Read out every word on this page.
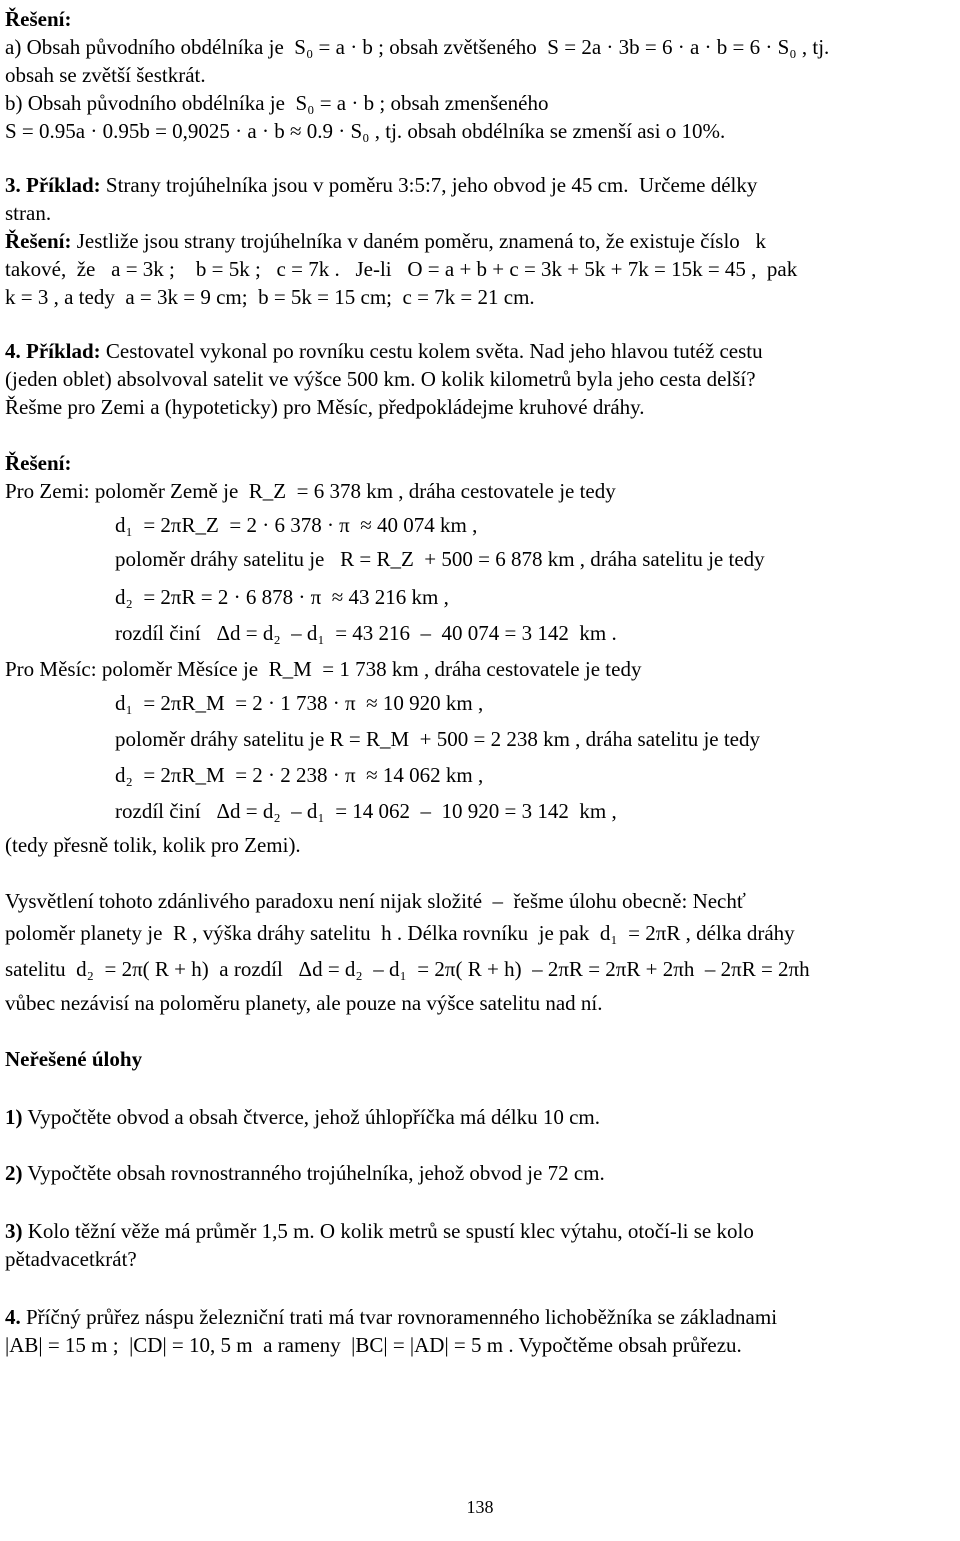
Řešení:
a) Obsah původního obdélníka je  S₀ = a · b ; obsah zvětšeného  S = 2a · 3b = 6 · a · b = 6 · S₀ , tj.
obsah se zvětší šestkrát.
b) Obsah původního obdélníka je  S₀ = a · b ; obsah zmenšeného
S = 0.95a · 0.95b = 0,9025 · a · b ≈ 0.9 · S₀ , tj. obsah obdélníka se zmenší asi o 10%.
3. Příklad: Strany trojúhelníka jsou v poměru 3:5:7, jeho obvod je 45 cm.  Určeme délky
stran.
Řešení: Jestliže jsou strany trojúhelníka v daném poměru, znamená to, že existuje číslo   k
takové,  že   a = 3k ;    b = 5k ;   c = 7k .   Je-li   O = a + b + c = 3k + 5k + 7k = 15k = 45 ,  pak
k = 3 , a tedy  a = 3k = 9 cm;  b = 5k = 15 cm;  c = 7k = 21 cm.
4. Příklad: Cestovatel vykonal po rovníku cestu kolem světa. Nad jeho hlavou tutéž cestu
(jeden oblet) absolvoval satelit ve výšce 500 km. O kolik kilometrů byla jeho cesta delší?
Řešme pro Zemi a (hypoteticky) pro Měsíc, předpokládejme kruhové dráhy.
Řešení:
Pro Zemi: poloměr Země je  R_Z  = 6 378 km , dráha cestovatele je tedy
d₁  = 2πR_Z  = 2 · 6 378 · π  ≈ 40 074 km ,
poloměr dráhy satelitu je   R = R_Z  + 500 = 6 878 km , dráha satelitu je tedy
d₂  = 2πR = 2 · 6 878 · π  ≈ 43 216 km ,
rozdíl činí   Δd = d₂  – d₁  = 43 216  –  40 074 = 3 142  km .
Pro Měsíc: poloměr Měsíce je  R_M  = 1 738 km , dráha cestovatele je tedy
d₁  = 2πR_M  = 2 · 1 738 · π  ≈ 10 920 km ,
poloměr dráhy satelitu je R = R_M  + 500 = 2 238 km , dráha satelitu je tedy
d₂  = 2πR_M  = 2 · 2 238 · π  ≈ 14 062 km ,
rozdíl činí   Δd = d₂  – d₁  = 14 062  –  10 920 = 3 142  km ,
(tedy přesně tolik, kolik pro Zemi).
Vysvětlení tohoto zdánlivého paradoxu není nijak složité  –  řešme úlohu obecně: Nechť
poloměr planety je  R , výška dráhy satelitu  h . Délka rovníku  je pak  d₁  = 2πR , délka dráhy
satelitu  d₂  = 2π( R + h)  a rozdíl   Δd = d₂  – d₁  = 2π( R + h)  – 2πR = 2πR + 2πh  – 2πR = 2πh
vůbec nezávisí na poloměru planety, ale pouze na výšce satelitu nad ní.
Neřešené úlohy
1) Vypočtěte obvod a obsah čtverce, jehož úhlopříčka má délku 10 cm.
2) Vypočtěte obsah rovnostranného trojúhelníka, jehož obvod je 72 cm.
3) Kolo těžní věže má průměr 1,5 m. O kolik metrů se spustí klec výtahu, otočí-li se kolo
pětadvacetkrát?
4. Příčný průřez náspu železniční trati má tvar rovnoramenného lichoběžníka se základnami
|AB| = 15 m ;  |CD| = 10, 5 m  a rameny  |BC| = |AD| = 5 m . Vypočtěme obsah průřezu.
138
